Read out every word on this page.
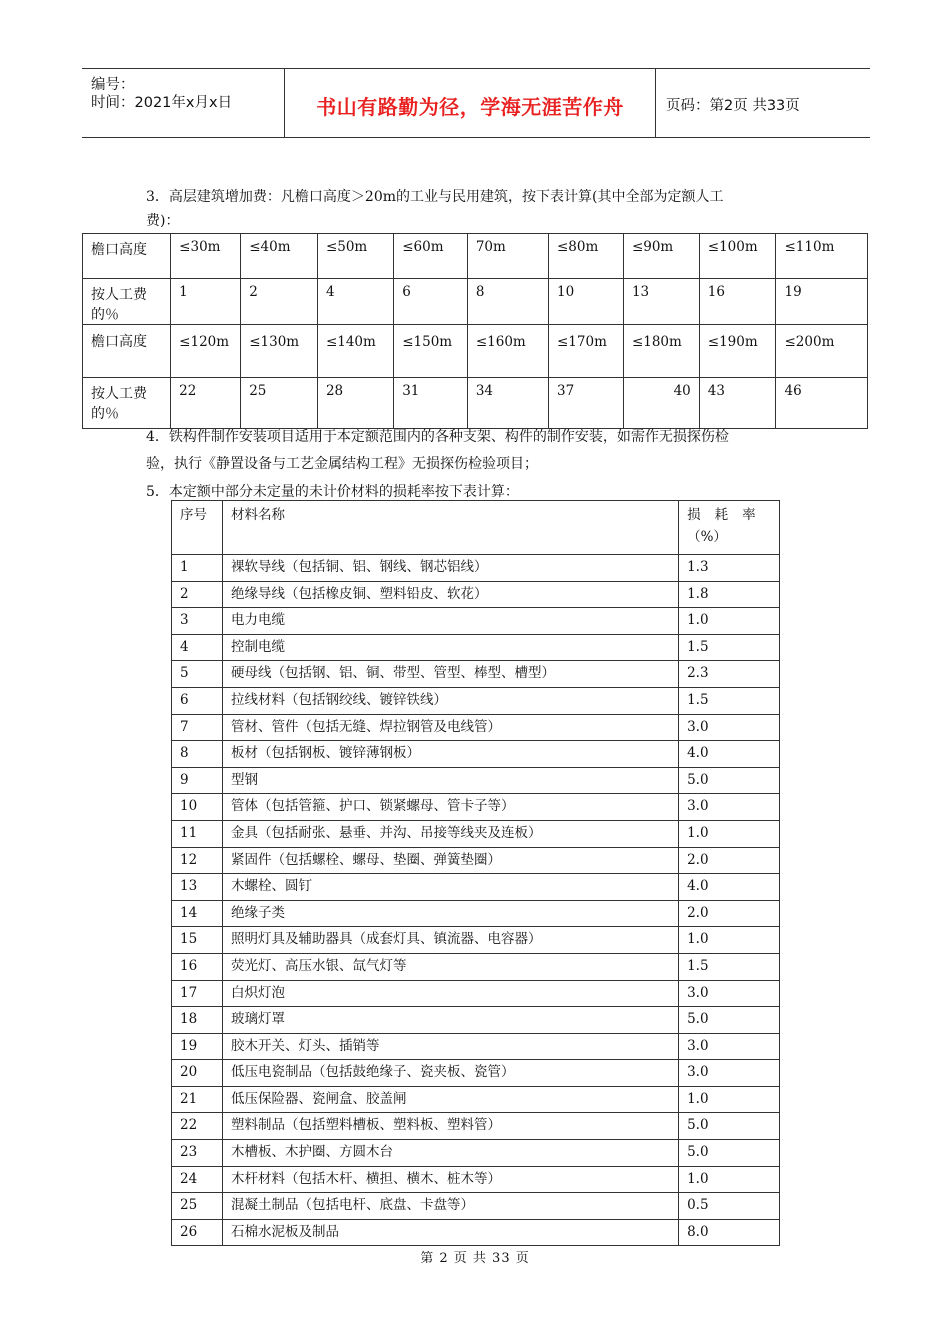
编号：
时间：2021年x月x日	书山有路勤为径，学海无涯苦作舟	页码：第2页 共33页
3．高层建筑增加费：凡檐口高度＞20m的工业与民用建筑，按下表计算(其中全部为定额人工
费)：
檐口高度	≤30m	≤40m	≤50m	≤60m	70m	≤80m	≤90m	≤100m	≤110m
按人工费的％	1	2	4	6	8	10	13	16	19
檐口高度	≤120m	≤130m	≤140m	≤150m	≤160m	≤170m	≤180m	≤190m	≤200m
按人工费的％	22	25	28	31	34	37	40	43	46
4．铁构件制作安装项目适用于本定额范围内的各种支架、构件的制作安装，如需作无损探伤检
验，执行《静置设备与工艺金属结构工程》无损探伤检验项目；
5．本定额中部分未定量的未计价材料的损耗率按下表计算：
序号	材料名称	损耗率
（%）

1	裸软导线（包括铜、铝、钢线、钢芯铝线）	1.3
2	绝缘导线（包括橡皮铜、塑料铅皮、软花）	1.8
3	电力电缆	1.0
4	控制电缆	1.5
5	硬母线（包括钢、铝、铜、带型、管型、棒型、槽型）	2.3
6	拉线材料（包括钢绞线、镀锌铁线）	1.5
7	管材、管件（包括无缝、焊拉钢管及电线管）	3.0
8	板材（包括钢板、镀锌薄钢板）	4.0
9	型钢	5.0
10	管体（包括管箍、护口、锁紧螺母、管卡子等）	3.0
11	金具（包括耐张、悬垂、并沟、吊接等线夹及连板）	1.0
12	紧固件（包括螺栓、螺母、垫圈、弹簧垫圈）	2.0
13	木螺栓、圆钉	4.0
14	绝缘子类	2.0
15	照明灯具及辅助器具（成套灯具、镇流器、电容器）	1.0
16	荧光灯、高压水银、氙气灯等	1.5
17	白炽灯泡	3.0
18	玻璃灯罩	5.0
19	胶木开关、灯头、插销等	3.0
20	低压电瓷制品（包括鼓绝缘子、瓷夹板、瓷管）	3.0
21	低压保险器、瓷闸盒、胶盖闸	1.0
22	塑料制品（包括塑料槽板、塑料板、塑料管）	5.0
23	木槽板、木护圈、方圆木台	5.0
24	木杆材料（包括木杆、横担、横木、桩木等）	1.0
25	混凝土制品（包括电杆、底盘、卡盘等）	0.5
26	石棉水泥板及制品	8.0
第 2 页 共 33 页
